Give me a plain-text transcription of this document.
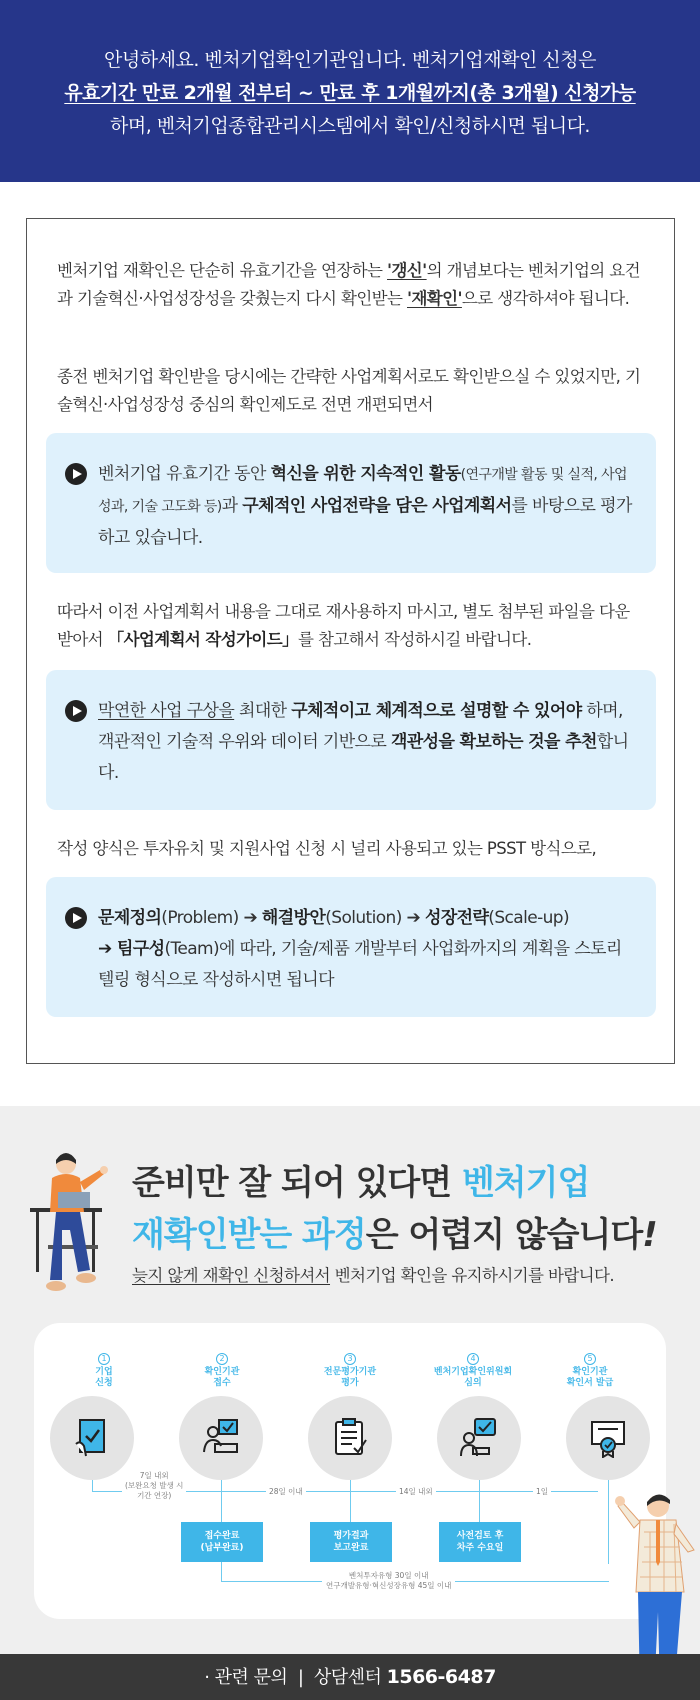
안녕하세요. 벤처기업확인기관입니다. 벤처기업재확인 신청은

유효기간 만료 2개월 전부터 ~ 만료 후 1개월까지(총 3개월) 신청가능

하며, 벤처기업종합관리시스템에서 확인/신청하시면 됩니다.

벤처기업 재확인은 단순히 유효기간을 연장하는 '갱신'의 개념보다는 벤처기업의 요건과 기술혁신·사업성장성을 갖췄는지 다시 확인받는 '재확인'으로 생각하셔야 됩니다.
종전 벤처기업 확인받을 당시에는 간략한 사업계획서로도 확인받으실 수 있었지만, 기술혁신·사업성장성 중심의 확인제도로 전면 개편되면서
벤처기업 유효기간 동안 혁신을 위한 지속적인 활동(연구개발 활동 및 실적, 사업성과, 기술 고도화 등)과 구체적인 사업전략을 담은 사업계획서를 바탕으로 평가하고 있습니다.
따라서 이전 사업계획서 내용을 그대로 재사용하지 마시고, 별도 첨부된 파일을 다운 받아서 「사업계획서 작성가이드」를 참고해서 작성하시길 바랍니다.
막연한 사업 구상을 최대한 구체적이고 체계적으로 설명할 수 있어야 하며, 객관적인 기술적 우위와 데이터 기반으로 객관성을 확보하는 것을 추천합니다.
작성 양식은 투자유치 및 지원사업 신청 시 널리 사용되고 있는 PSST 방식으로,
문제정의(Problem) ➔ 해결방안(Solution) ➔ 성장전략(Scale-up)
➔ 팀구성(Team)에 따라, 기술/제품 개발부터 사업화까지의 계획을 스토리텔링 형식으로 작성하시면 됩니다
준비만 잘 되어 있다면 벤처기업
재확인받는 과정은 어렵지 않습니다!
늦지 않게 재확인 신청하셔서 벤처기업 확인을 유지하시기를 바랍니다.
1
기업
신청
2
확인기관
접수
3
전문평가기관
평가
4
벤처기업확인위원회
심의
5
확인기관
확인서 발급
7일 내외
(보완요청 발생 시
기간 연장)	28일 이내	14일 내외	1일
접수완료
(납부완료)
평가결과
보고완료
사전검토 후
차주 수요일
벤처투자유형 30일 이내
연구개발유형·혁신성장유형 45일 이내
· 관련 문의  |  상담센터 1566-6487
